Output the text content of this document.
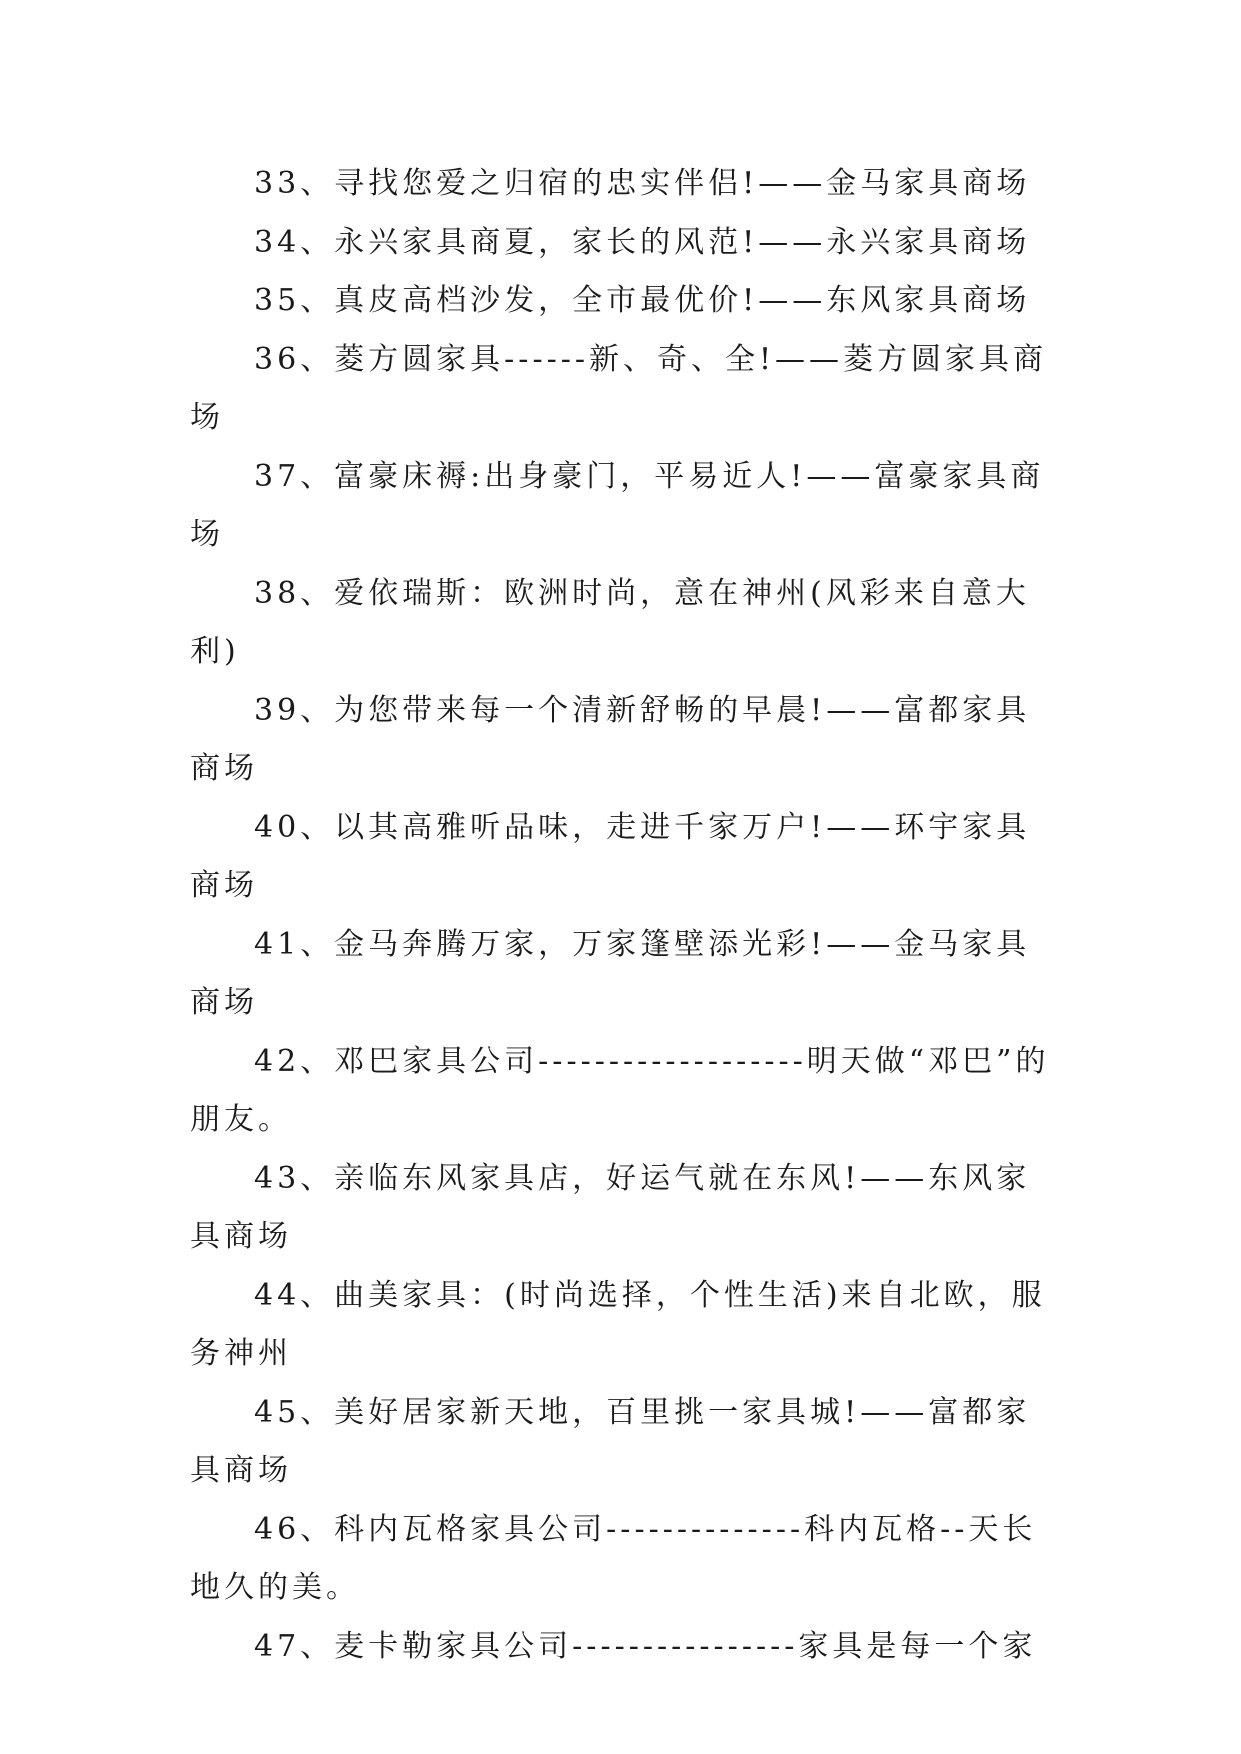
33、寻找您爱之归宿的忠实伴侣!——金马家具商场

34、永兴家具商夏，家长的风范!——永兴家具商场

35、真皮高档沙发，全市最优价!——东风家具商场

36、菱方圆家具------新、奇、全!——菱方圆家具商场

37、富豪床褥:出身豪门，平易近人!——富豪家具商场

38、爱依瑞斯：欧洲时尚，意在神州(风彩来自意大利)

39、为您带来每一个清新舒畅的早晨!——富都家具商场

40、以其高雅听品味，走进千家万户!——环宇家具商场

41、金马奔腾万家，万家篷壁添光彩!——金马家具商场

42、邓巴家具公司-------------------明天做“邓巴”的朋友。

43、亲临东风家具店，好运气就在东风!——东风家具商场

44、曲美家具：(时尚选择，个性生活)来自北欧，服务神州

45、美好居家新天地，百里挑一家具城!——富都家具商场

46、科内瓦格家具公司--------------科内瓦格--天长地久的美。

47、麦卡勒家具公司----------------家具是每一个家
